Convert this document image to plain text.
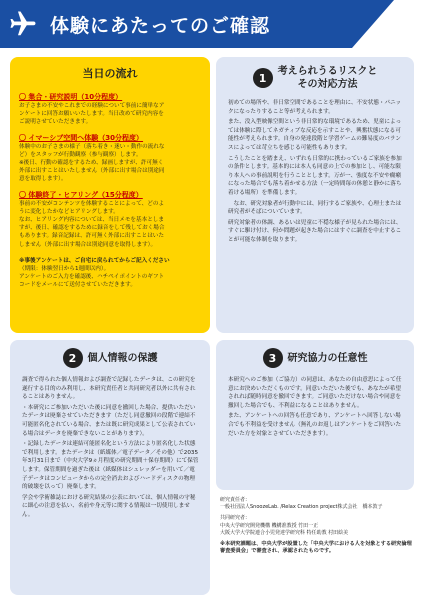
体験にあたってのご確認
当日の流れ
〇 集合・研究説明（10分程度）
お子さまの不安やこれまでの経験について事前に簡単なア
ンケートに回答お願いいたします。当日改めて研究内容を
ご説明させていただきます。
〇 イマーシブ空間へ体験（30分程度）
体験中のお子さまの様子（落ち着き・迷い・動作の流れな
ど）をスタッフが行動観察（参与観察）します。
※後日、行動の確認をするため、録画しますが、許可無く
外部に出すことはいたしません（外部に出す場合は別途同
意を取得します）。
〇 体験終了・ヒアリング（15分程度）
事前の不安がコンテンツを体験することによって、どのよ
うに変化したかなどヒアリングします。
なお、ヒアリング内容については、当日メモを基本としま
すが、後日、確認をするために録音をして残しておく場合
もあります。録音記録は、許可無く外部に出すことはいた
しません（外部に出す場合は別途同意を取得します）。
※事後アンケートは、ご自宅に戻られてからご記入ください
（期限：体験翌日から1週間以内）。
アンケートのご入力を確認後、ハチペイポイントのギフト
コードをメールにて送付させていただきます。
1	考えられうるリスクと
その対応方法

初めての場所や、非日常空間であることを理由に、不安状態・パニックになったりすること等が考えられます。

また、没入型映像空間という非日常的な環境であるため、児童によっては体験に際してネガティブな反応を示すことや、興奮状態になる可能性が考えられます。自身の発達段階と学習ゲームの難易度のバランスによっては苛立ちを感じる可能性もあります。

こうしたことを踏まえ、いずれも日常的に携わっているご家族を参加の条件とします。基本的には本人も同意の上での参加とし、可能な限り本人への事前説明を行うこととします。万が一、強度な不安や癇癪になった場合でも落ち着かせる方法（一定時間毎の休憩と静かに落ち着ける場所）を準備します。

　なお、研究対象者が行動中には、同行するご家族や、心理士または研究者がそばについています。

研究対象者の体調、あるいは児童に不穏な様子が見られた場合には、すぐに駆け付け、何か問題が起きた場合にはすぐに調査を中止することが可能な体制を取ります。

2	個人情報の保護

調査で得られた個人情報および調査で記録したデータは、この研究を遂行する目的のみ利用し、本研究責任者と共同研究者以外に共有されることはありません。

・本研究にご参加いただいた後に同意を撤回した場合、提供いただいたデータは廃棄させていただきます（ただし同意撤回の段階で連結不可能匿名化されている場合、または既に研究成果として公表されている場合はデータを廃棄できないことがあります）。

・記録したデータは連結可能匿名化という方法により匿名化した状態で利用します。またデータは（紙媒体／電子データ／その他）で2035年3月31日まで（中央大学9ヵ月程度の研究期間＋保存期間）にて保管します。保管期間を過ぎた後は（紙媒体はシュレッダーを用いて／電子データはコンピュータからの完全消去およびハードディスクの物理的破壊を以って）廃棄します。

学会や学術雑誌における研究結果の公表においては、個人情報の守秘に細心の注意を払い、名前や身元等に関する情報は一切使用しません。

3	研究協力の任意性

本研究へのご参加（ご協力）の同意は、あなたの自由意思によって任意にお決めいただくものです。同意いただいた後でも、あなたが希望されれば随時同意を撤回できます。ご同意いただけない場合や同意を撤回した場合でも、不利益になることはありません。

また、アンケートへの回答も任意であり、アンケートへ回答しない場合でも不利益を受けません（無礼のお返しはアンケートをご回答いただいた方を対象とさせていただきます）。

研究責任者：

一般社団法人SnoozeLab. /Relax Creation project株式会社　橋本敦子

共同研究者：

中央大学研究開発機構 機構准教授 竹田一正

大阪大学大学院連合小児発達学研究科 特任助教 村田絵美

※本研究課題は、中央大学が設置した「中央大学における人を対象とする研究倫理審査委員会」で審査され、承認されたものです。
